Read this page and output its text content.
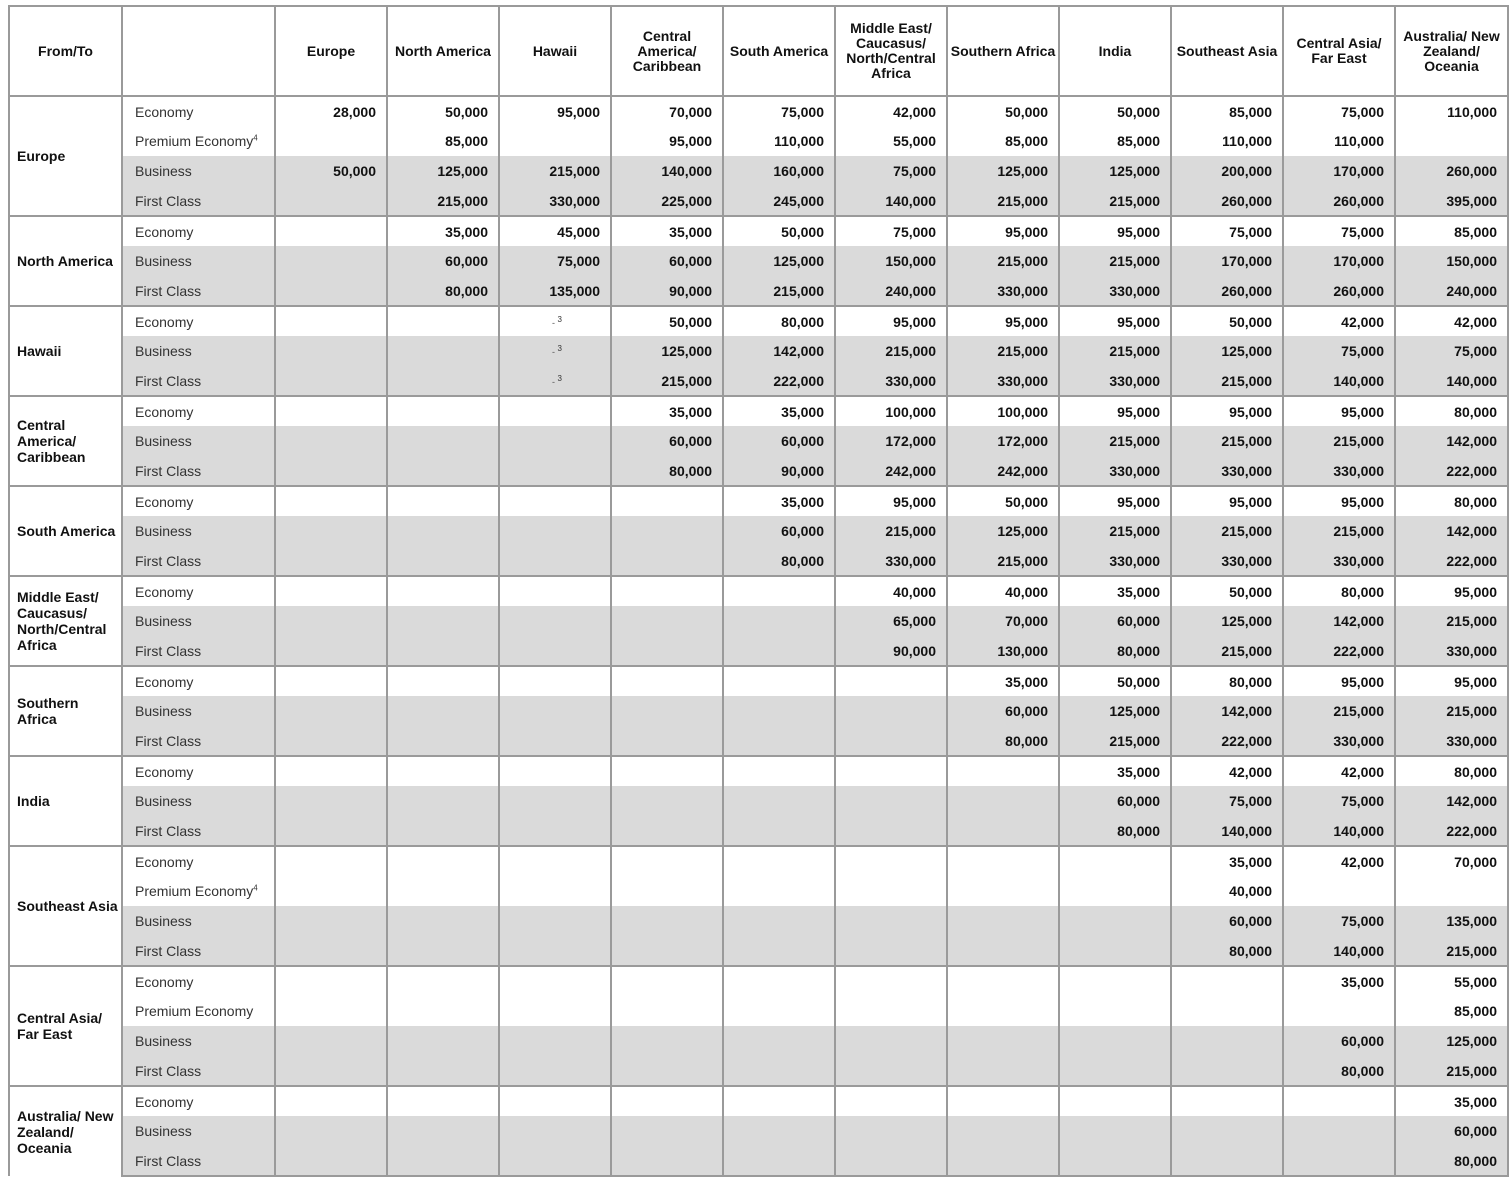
From/To		Europe	North America	Hawaii	Central America/ Caribbean	South America	Middle East/ Caucasus/ North/Central Africa	Southern Africa	India	Southeast Asia	Central Asia/ Far East	Australia/ New Zealand/ Oceania
Europe	Economy	28,000	50,000	95,000	70,000	75,000	42,000	50,000	50,000	85,000	75,000	110,000
	Premium Economy$^4$		85,000		95,000	110,000	55,000	85,000	85,000	110,000	110,000	
	Business	50,000	125,000	215,000	140,000	160,000	75,000	125,000	125,000	200,000	170,000	260,000
	First Class		215,000	330,000	225,000	245,000	140,000	215,000	215,000	260,000	260,000	395,000
North America	Economy		35,000	45,000	35,000	50,000	75,000	95,000	95,000	75,000	75,000	85,000
	Business		60,000	75,000	60,000	125,000	150,000	215,000	215,000	170,000	170,000	150,000
	First Class		80,000	135,000	90,000	215,000	240,000	330,000	330,000	260,000	260,000	240,000
Hawaii	Economy			- $^3$	50,000	80,000	95,000	95,000	95,000	50,000	42,000	42,000
	Business			- $^3$	125,000	142,000	215,000	215,000	215,000	125,000	75,000	75,000
	First Class			- $^3$	215,000	222,000	330,000	330,000	330,000	215,000	140,000	140,000
Central America/ Caribbean	Economy				35,000	35,000	100,000	100,000	95,000	95,000	95,000	80,000
	Business				60,000	60,000	172,000	172,000	215,000	215,000	215,000	142,000
	First Class				80,000	90,000	242,000	242,000	330,000	330,000	330,000	222,000
South America	Economy					35,000	95,000	50,000	95,000	95,000	95,000	80,000
	Business					60,000	215,000	125,000	215,000	215,000	215,000	142,000
	First Class					80,000	330,000	215,000	330,000	330,000	330,000	222,000
Middle East/ Caucasus/ North/Central Africa	Economy						40,000	40,000	35,000	50,000	80,000	95,000
	Business						65,000	70,000	60,000	125,000	142,000	215,000
	First Class						90,000	130,000	80,000	215,000	222,000	330,000
Southern Africa	Economy							35,000	50,000	80,000	95,000	95,000
	Business							60,000	125,000	142,000	215,000	215,000
	First Class							80,000	215,000	222,000	330,000	330,000
India	Economy								35,000	42,000	42,000	80,000
	Business								60,000	75,000	75,000	142,000
	First Class								80,000	140,000	140,000	222,000
Southeast Asia	Economy									35,000	42,000	70,000
	Premium Economy$^4$									40,000		
	Business									60,000	75,000	135,000
	First Class									80,000	140,000	215,000
Central Asia/ Far East	Economy										35,000	55,000
	Premium Economy											85,000
	Business										60,000	125,000
	First Class										80,000	215,000
Australia/ New Zealand/ Oceania	Economy											35,000
	Business											60,000
	First Class											80,000
